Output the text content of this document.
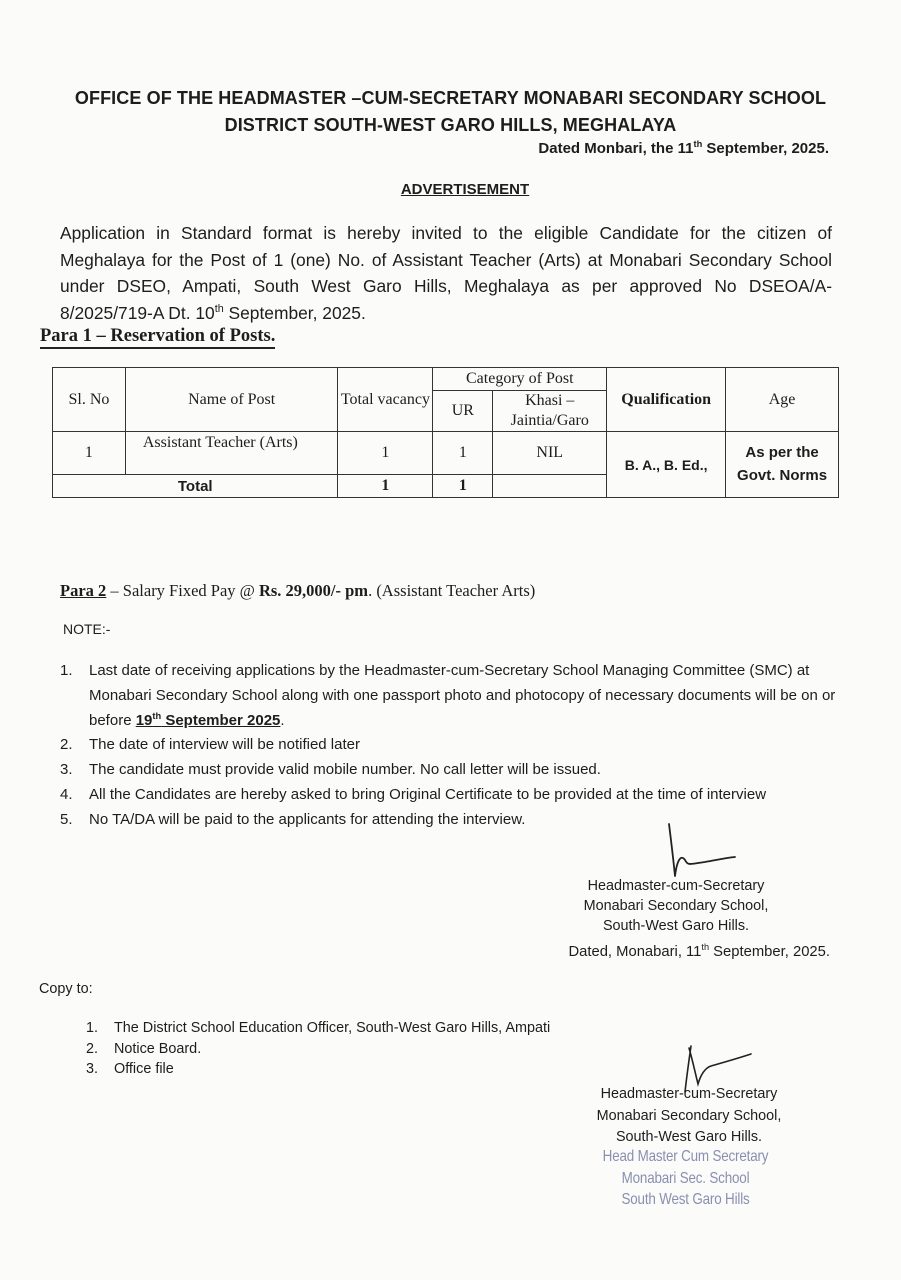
OFFICE OF THE HEADMASTER –CUM-SECRETARY MONABARI SECONDARY SCHOOL
DISTRICT SOUTH-WEST GARO HILLS, MEGHALAYA
Dated Monbari, the 11th September, 2025.
ADVERTISEMENT
Application in Standard format is hereby invited to the eligible Candidate for the citizen of Meghalaya for the Post of 1 (one) No. of Assistant Teacher (Arts) at Monabari Secondary School under DSEO, Ampati, South West Garo Hills, Meghalaya as per approved No DSEOA/A-8/2025/719-A Dt. 10th September, 2025.
Para 1 – Reservation of Posts.
Sl. No	Name of Post	Total vacancy	Category of Post		Qualification	Age
			UR	Khasi – Jaintia/Garo		
1	Assistant Teacher (Arts)	1	1	NIL	B. A., B. Ed.,	As per the Govt. Norms
Total		1	1			
Para 2 – Salary Fixed Pay @ Rs. 29,000/- pm. (Assistant Teacher Arts)
NOTE:-
1. Last date of receiving applications by the Headmaster-cum-Secretary School Managing Committee (SMC) at Monabari Secondary School along with one passport photo and photocopy of necessary documents will be on or before 19th September 2025.
2. The date of interview will be notified later
3. The candidate must provide valid mobile number. No call letter will be issued.
4. All the Candidates are hereby asked to bring Original Certificate to be provided at the time of interview
5. No TA/DA will be paid to the applicants for attending the interview.
Headmaster-cum-Secretary
Monabari Secondary School,
South-West Garo Hills.
Dated, Monabari, 11th September, 2025.
Copy to:
1. The District School Education Officer, South-West Garo Hills, Ampati
2. Notice Board.
3. Office file
Headmaster-cum-Secretary
Monabari Secondary School,
South-West Garo Hills.
Head Master Cum Secretary
Monabari Sec. School
South West Garo Hills
